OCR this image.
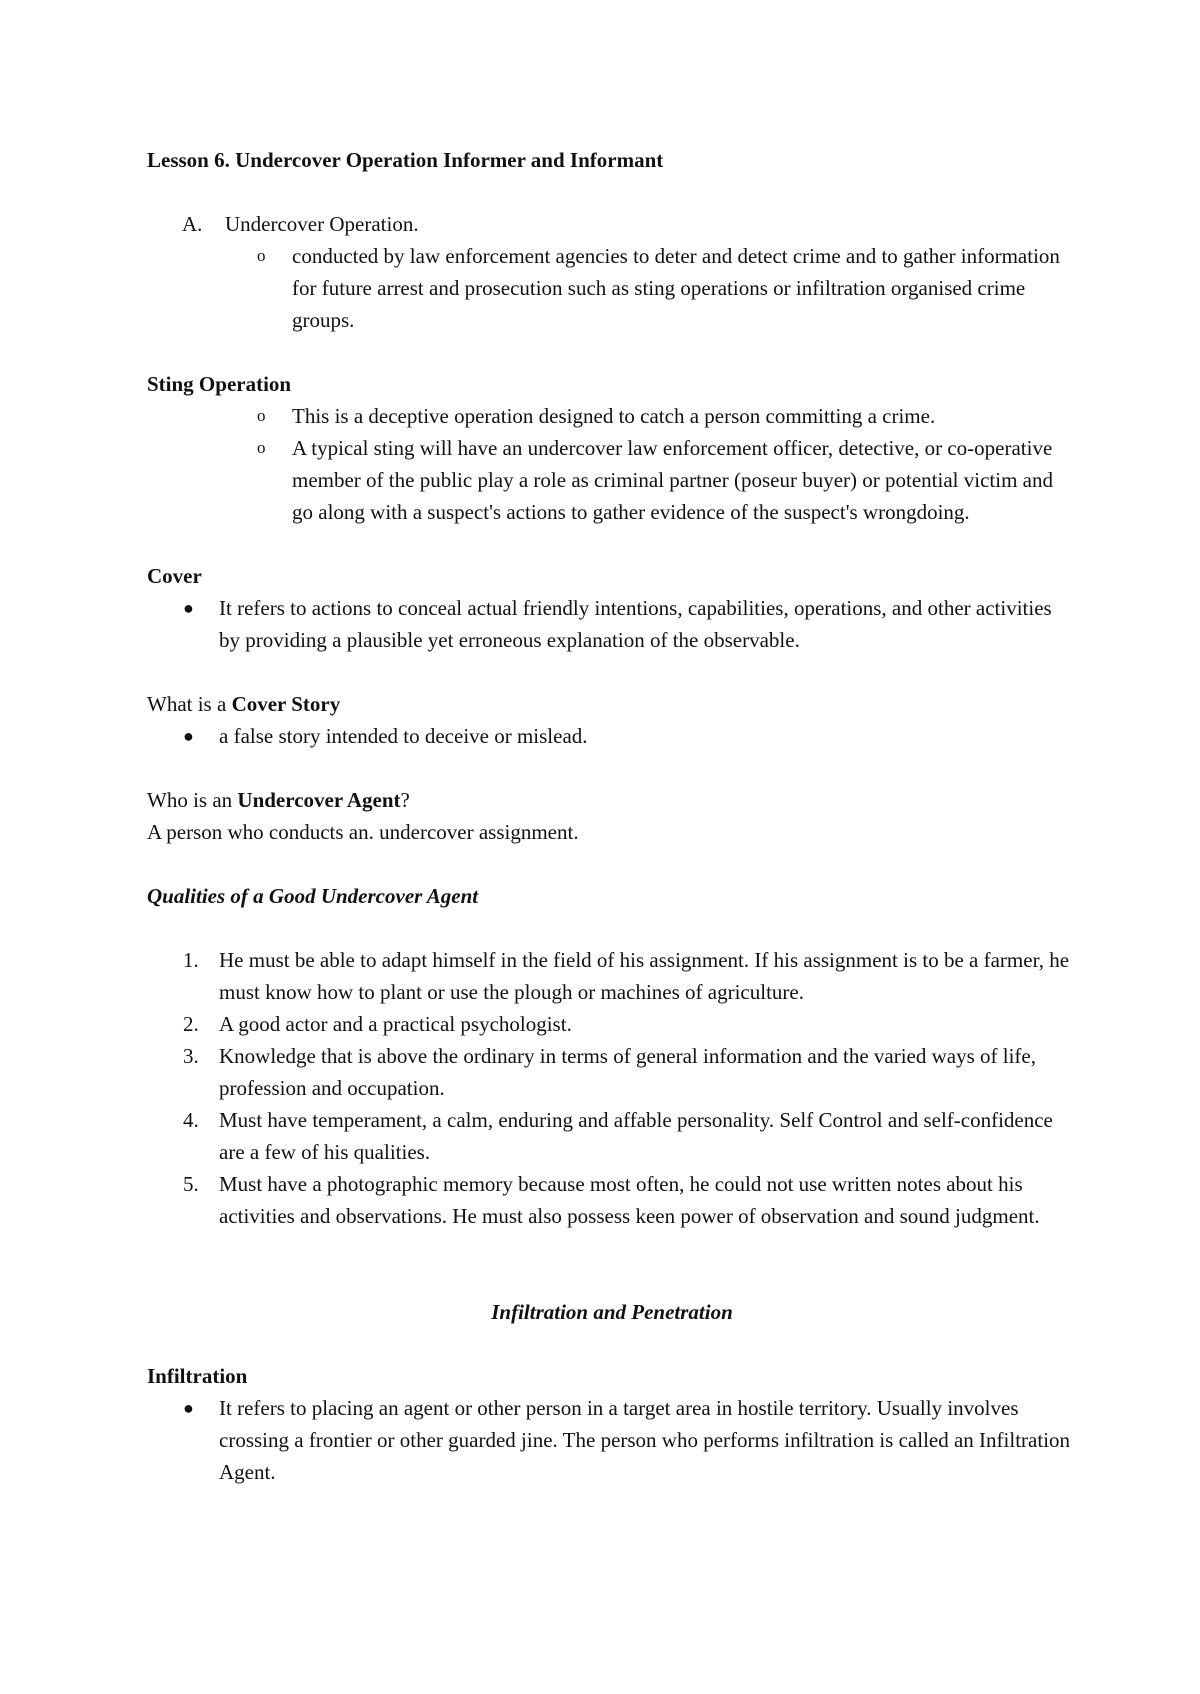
Lesson 6. Undercover Operation Informer and Informant
A.	Undercover Operation.
o	conducted by law enforcement agencies to deter and detect crime and to gather information for future arrest and prosecution such as sting operations or infiltration organised crime groups.

Sting Operation

o	This is a deceptive operation designed to catch a person committing a crime.
o	A typical sting will have an undercover law enforcement officer, detective, or co-operative member of the public play a role as criminal partner (poseur buyer) or potential victim and go along with a suspect's actions to gather evidence of the suspect's wrongdoing.

Cover

●	It refers to actions to conceal actual friendly intentions, capabilities, operations, and other activities by providing a plausible yet erroneous explanation of the observable.

What is a Cover Story

●	a false story intended to deceive or mislead.

Who is an Undercover Agent?

A person who conducts an. undercover assignment.

Qualities of a Good Undercover Agent

1. He must be able to adapt himself in the field of his assignment. If his assignment is to be a farmer, he must know how to plant or use the plough or machines of agriculture.
2. A good actor and a practical psychologist.
3. Knowledge that is above the ordinary in terms of general information and the varied ways of life, profession and occupation.
4. Must have temperament, a calm, enduring and affable personality. Self Control and self-confidence are a few of his qualities.
5. Must have a photographic memory because most often, he could not use written notes about his activities and observations. He must also possess keen power of observation and sound judgment.

Infiltration and Penetration

Infiltration

●	It refers to placing an agent or other person in a target area in hostile territory. Usually involves crossing a frontier or other guarded jine. The person who performs infiltration is called an Infiltration Agent.
